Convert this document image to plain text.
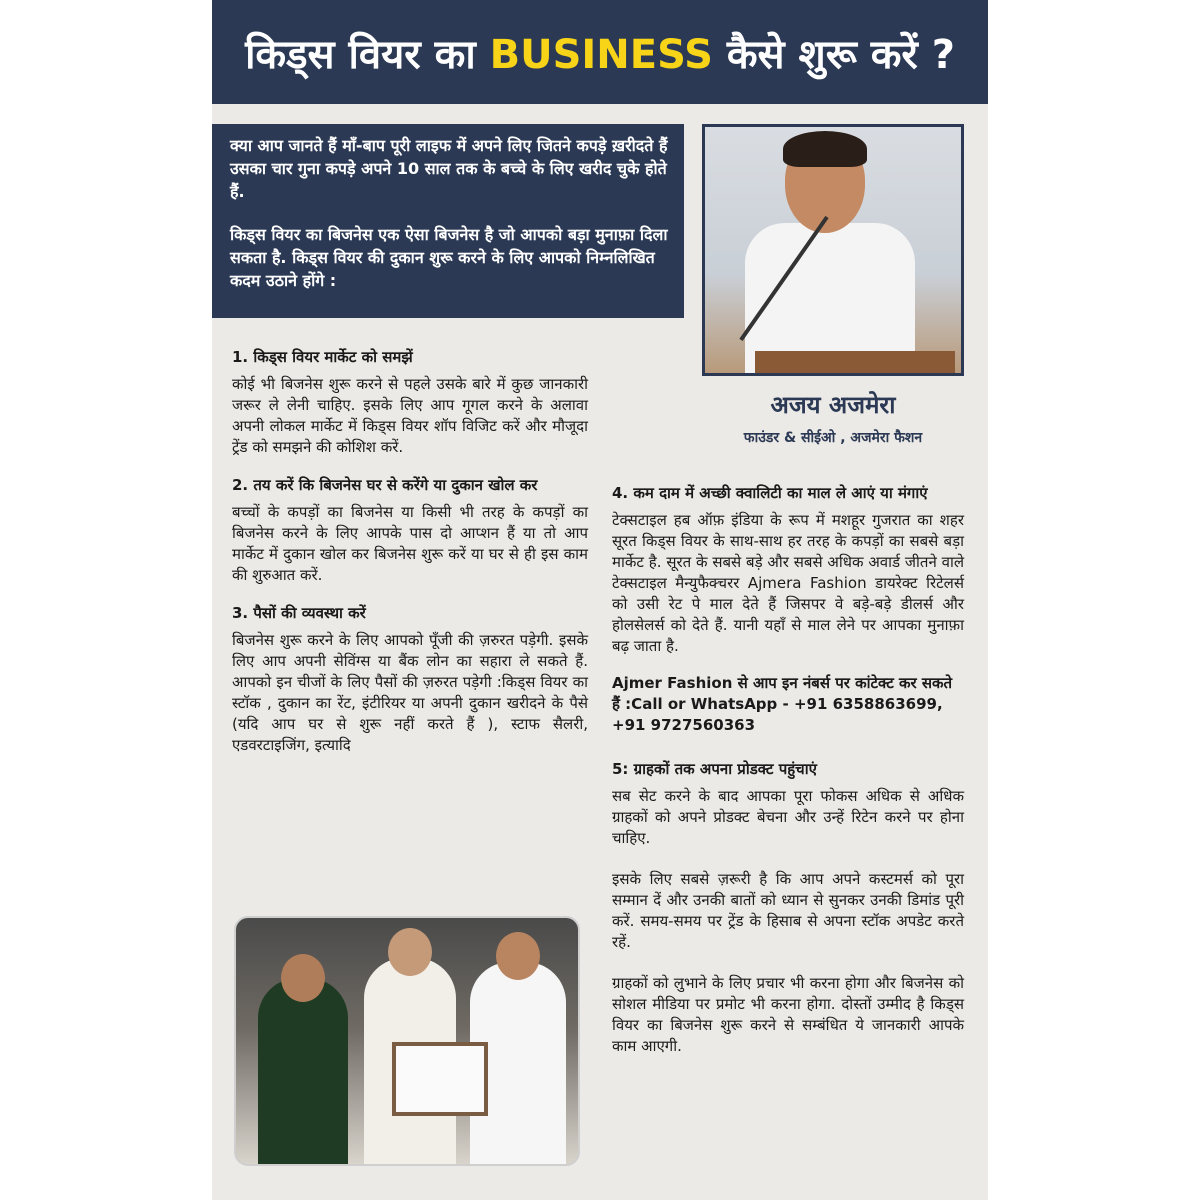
किड्स वियर का BUSINESS कैसे शुरू करें ?

क्या आप जानते हैं माँ-बाप पूरी लाइफ में अपने लिए जितने कपड़े ख़रीदते हैं उसका चार गुना कपड़े अपने 10 साल तक के बच्चे के लिए खरीद चुके होते हैं.

किड्स वियर का बिजनेस एक ऐसा बिजनेस है जो आपको बड़ा मुनाफ़ा दिला सकता है. किड्स वियर की दुकान शुरू करने के लिए आपको निम्नलिखित कदम उठाने होंगे :

अजय अजमेरा
फाउंडर & सीईओ , अजमेरा फैशन
1. किड्स वियर मार्केट को समझें
कोई भी बिजनेस शुरू करने से पहले उसके बारे में कुछ जानकारी जरूर ले लेनी चाहिए. इसके लिए आप गूगल करने के अलावा अपनी लोकल मार्केट में किड्स वियर शॉप विजिट करें और मौजूदा ट्रेंड को समझने की कोशिश करें.
2. तय करें कि बिजनेस घर से करेंगे या दुकान खोल कर
बच्चों के कपड़ों का बिजनेस या किसी भी तरह के कपड़ों का बिजनेस करने के लिए आपके पास दो आप्शन हैं या तो आप मार्केट में दुकान खोल कर बिजनेस शुरू करें या घर से ही इस काम की शुरुआत करें.
3. पैसों की व्यवस्था करें
बिजनेस शुरू करने के लिए आपको पूँजी की ज़रुरत पड़ेगी. इसके लिए आप अपनी सेविंग्स या बैंक लोन का सहारा ले सकते हैं. आपको इन चीजों के लिए पैसों की ज़रुरत पड़ेगी :किड्स वियर का स्टॉक , दुकान का रेंट, इंटीरियर या अपनी दुकान खरीदने के पैसे (यदि आप घर से शुरू नहीं करते हैं ), स्टाफ सैलरी, एडवरटाइजिंग, इत्यादि
4. कम दाम में अच्छी क्वालिटी का माल ले आएं या मंगाएं
टेक्सटाइल हब ऑफ़ इंडिया के रूप में मशहूर गुजरात का शहर सूरत किड्स वियर के साथ-साथ हर तरह के कपड़ों का सबसे बड़ा मार्केट है. सूरत के सबसे बड़े और सबसे अधिक अवार्ड जीतने वाले टेक्सटाइल मैन्युफैक्चरर Ajmera Fashion डायरेक्ट रिटेलर्स को उसी रेट पे माल देते हैं जिसपर वे बड़े-बड़े डीलर्स और होलसेलर्स को देते हैं. यानी यहाँ से माल लेने पर आपका मुनाफ़ा बढ़ जाता है.
Ajmer Fashion से आप इन नंबर्स पर कांटेक्ट कर सकते हैं :Call or WhatsApp - +91 6358863699, +91 9727560363
5: ग्राहकों तक अपना प्रोडक्ट पहुंचाएं
सब सेट करने के बाद आपका पूरा फोकस अधिक से अधिक ग्राहकों को अपने प्रोडक्ट बेचना और उन्हें रिटेन करने पर होना चाहिए.
इसके लिए सबसे ज़रूरी है कि आप अपने कस्टमर्स को पूरा सम्मान दें और उनकी बातों को ध्यान से सुनकर उनकी डिमांड पूरी करें. समय-समय पर ट्रेंड के हिसाब से अपना स्टॉक अपडेट करते रहें.
ग्राहकों को लुभाने के लिए प्रचार भी करना होगा और बिजनेस को सोशल मीडिया पर प्रमोट भी करना होगा. दोस्तों उम्मीद है किड्स वियर का बिजनेस शुरू करने से सम्बंधित ये जानकारी आपके काम आएगी.
